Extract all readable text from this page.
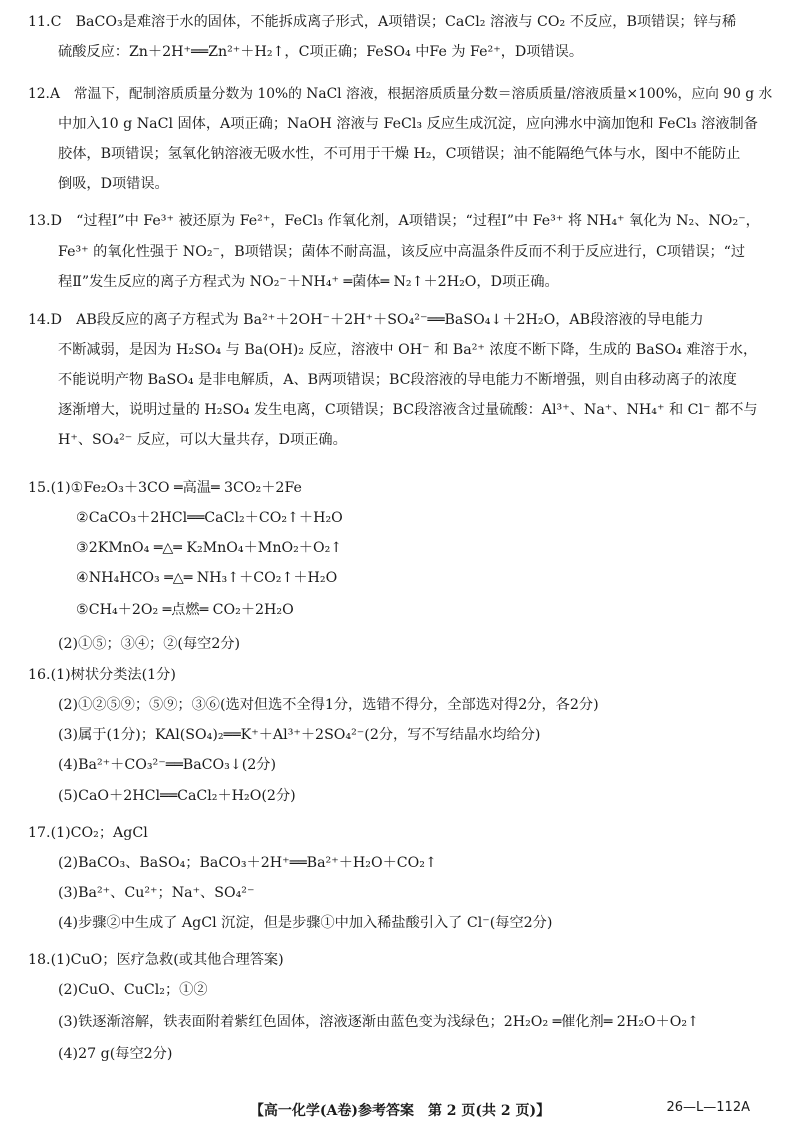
11.C　BaCO₃是难溶于水的固体，不能拆成离子形式，A项错误；CaCl₂ 溶液与 CO₂ 不反应，B项错误；锌与稀
硫酸反应：Zn＋2H⁺══Zn²⁺＋H₂↑，C项正确；FeSO₄ 中Fe 为 Fe²⁺，D项错误。
12.A　常温下，配制溶质质量分数为 10%的 NaCl 溶液，根据溶质质量分数＝溶质质量/溶液质量×100%，应向 90 g 水
中加入10 g NaCl 固体，A项正确；NaOH 溶液与 FeCl₃ 反应生成沉淀，应向沸水中滴加饱和 FeCl₃ 溶液制备
胶体，B项错误；氢氧化钠溶液无吸水性，不可用于干燥 H₂，C项错误；油不能隔绝气体与水，图中不能防止
倒吸，D项错误。
13.D　“过程Ⅰ”中 Fe³⁺ 被还原为 Fe²⁺，FeCl₃ 作氧化剂，A项错误；“过程Ⅰ”中 Fe³⁺ 将 NH₄⁺ 氧化为 N₂、NO₂⁻，
Fe³⁺ 的氧化性强于 NO₂⁻，B项错误；菌体不耐高温，该反应中高温条件反而不利于反应进行，C项错误；“过
程Ⅱ”发生反应的离子方程式为 NO₂⁻＋NH₄⁺ ═菌体═ N₂↑＋2H₂O，D项正确。
14.D　AB段反应的离子方程式为 Ba²⁺＋2OH⁻＋2H⁺＋SO₄²⁻══BaSO₄↓＋2H₂O，AB段溶液的导电能力
不断减弱，是因为 H₂SO₄ 与 Ba(OH)₂ 反应，溶液中 OH⁻ 和 Ba²⁺ 浓度不断下降，生成的 BaSO₄ 难溶于水，
不能说明产物 BaSO₄ 是非电解质，A、B两项错误；BC段溶液的导电能力不断增强，则自由移动离子的浓度
逐渐增大，说明过量的 H₂SO₄ 发生电离，C项错误；BC段溶液含过量硫酸：Al³⁺、Na⁺、NH₄⁺ 和 Cl⁻ 都不与
H⁺、SO₄²⁻ 反应，可以大量共存，D项正确。
15.(1)①Fe₂O₃＋3CO ═高温═ 3CO₂＋2Fe
②CaCO₃＋2HCl══CaCl₂＋CO₂↑＋H₂O
③2KMnO₄ ═△═ K₂MnO₄＋MnO₂＋O₂↑
④NH₄HCO₃ ═△═ NH₃↑＋CO₂↑＋H₂O
⑤CH₄＋2O₂ ═点燃═ CO₂＋2H₂O
(2)①⑤；③④；②(每空2分)
16.(1)树状分类法(1分)
(2)①②⑤⑨；⑤⑨；③⑥(选对但选不全得1分，选错不得分，全部选对得2分，各2分)
(3)属于(1分)；KAl(SO₄)₂══K⁺＋Al³⁺＋2SO₄²⁻(2分，写不写结晶水均给分)
(4)Ba²⁺＋CO₃²⁻══BaCO₃↓(2分)
(5)CaO＋2HCl══CaCl₂＋H₂O(2分)
17.(1)CO₂；AgCl
(2)BaCO₃、BaSO₄；BaCO₃＋2H⁺══Ba²⁺＋H₂O＋CO₂↑
(3)Ba²⁺、Cu²⁺；Na⁺、SO₄²⁻
(4)步骤②中生成了 AgCl 沉淀，但是步骤①中加入稀盐酸引入了 Cl⁻(每空2分)
18.(1)CuO；医疗急救(或其他合理答案)
(2)CuO、CuCl₂；①②
(3)铁逐渐溶解，铁表面附着紫红色固体，溶液逐渐由蓝色变为浅绿色；2H₂O₂ ═催化剂═ 2H₂O＋O₂↑
(4)27 g(每空2分)
【高一化学(A卷)参考答案　第 2 页(共 2 页)】	26—L—112A
